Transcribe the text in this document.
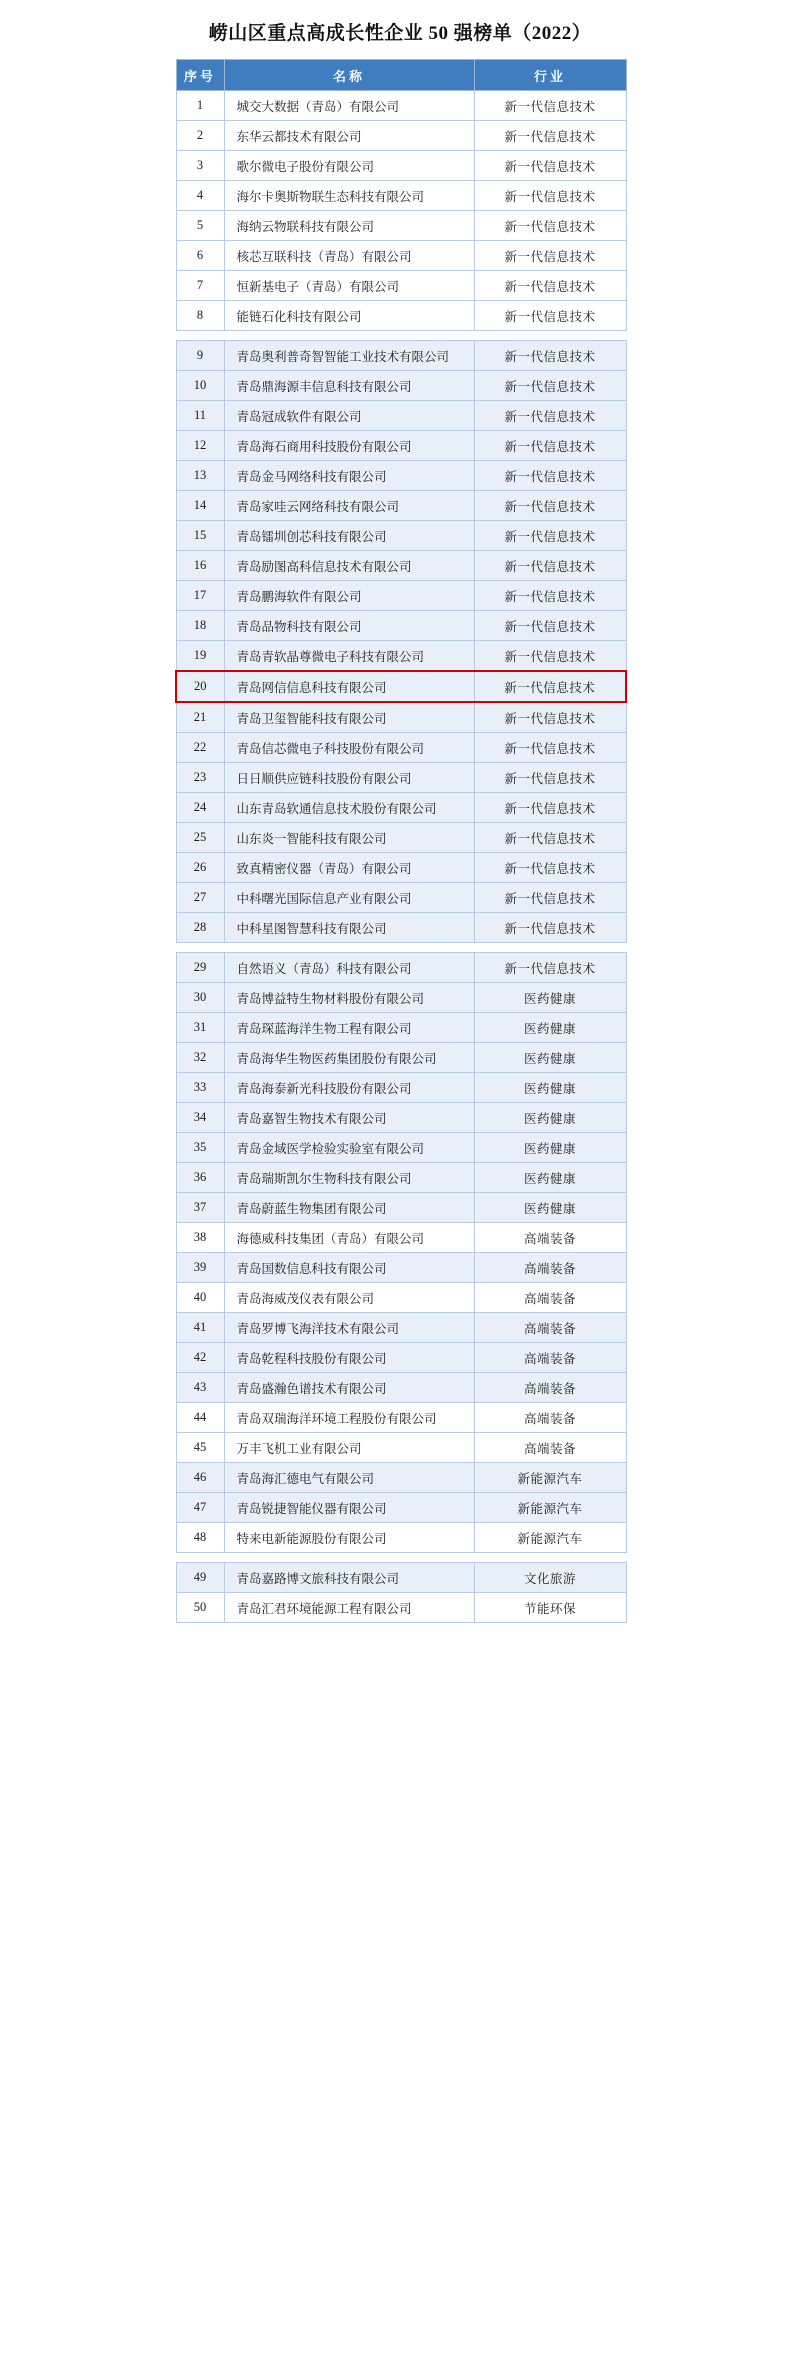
崂山区重点高成长性企业 50 强榜单（2022）
序号	名称	行业
1	城交大数据（青岛）有限公司	新一代信息技术
2	东华云都技术有限公司	新一代信息技术
3	歌尔微电子股份有限公司	新一代信息技术
4	海尔卡奥斯物联生态科技有限公司	新一代信息技术
5	海纳云物联科技有限公司	新一代信息技术
6	核芯互联科技（青岛）有限公司	新一代信息技术
7	恒新基电子（青岛）有限公司	新一代信息技术
8	能链石化科技有限公司	新一代信息技术

9	青岛奥利普奇智智能工业技术有限公司	新一代信息技术
10	青岛鼎海源丰信息科技有限公司	新一代信息技术
11	青岛冠成软件有限公司	新一代信息技术
12	青岛海石商用科技股份有限公司	新一代信息技术
13	青岛金马网络科技有限公司	新一代信息技术
14	青岛家哇云网络科技有限公司	新一代信息技术
15	青岛镭圳创芯科技有限公司	新一代信息技术
16	青岛励图高科信息技术有限公司	新一代信息技术
17	青岛鹏海软件有限公司	新一代信息技术
18	青岛品物科技有限公司	新一代信息技术
19	青岛青软晶尊微电子科技有限公司	新一代信息技术
20	青岛网信信息科技有限公司	新一代信息技术
21	青岛卫玺智能科技有限公司	新一代信息技术
22	青岛信芯微电子科技股份有限公司	新一代信息技术
23	日日顺供应链科技股份有限公司	新一代信息技术
24	山东青岛软通信息技术股份有限公司	新一代信息技术
25	山东炎一智能科技有限公司	新一代信息技术
26	致真精密仪器（青岛）有限公司	新一代信息技术
27	中科曙光国际信息产业有限公司	新一代信息技术
28	中科星图智慧科技有限公司	新一代信息技术

29	自然语义（青岛）科技有限公司	新一代信息技术
30	青岛博益特生物材料股份有限公司	医药健康
31	青岛琛蓝海洋生物工程有限公司	医药健康
32	青岛海华生物医药集团股份有限公司	医药健康
33	青岛海泰新光科技股份有限公司	医药健康
34	青岛嘉智生物技术有限公司	医药健康
35	青岛金域医学检验实验室有限公司	医药健康
36	青岛瑞斯凯尔生物科技有限公司	医药健康
37	青岛蔚蓝生物集团有限公司	医药健康
38	海德威科技集团（青岛）有限公司	高端装备
39	青岛国数信息科技有限公司	高端装备
40	青岛海威茂仪表有限公司	高端装备
41	青岛罗博飞海洋技术有限公司	高端装备
42	青岛乾程科技股份有限公司	高端装备
43	青岛盛瀚色谱技术有限公司	高端装备
44	青岛双瑞海洋环境工程股份有限公司	高端装备
45	万丰飞机工业有限公司	高端装备
46	青岛海汇德电气有限公司	新能源汽车
47	青岛锐捷智能仪器有限公司	新能源汽车
48	特来电新能源股份有限公司	新能源汽车

49	青岛嘉路博文旅科技有限公司	文化旅游
50	青岛汇君环境能源工程有限公司	节能环保
